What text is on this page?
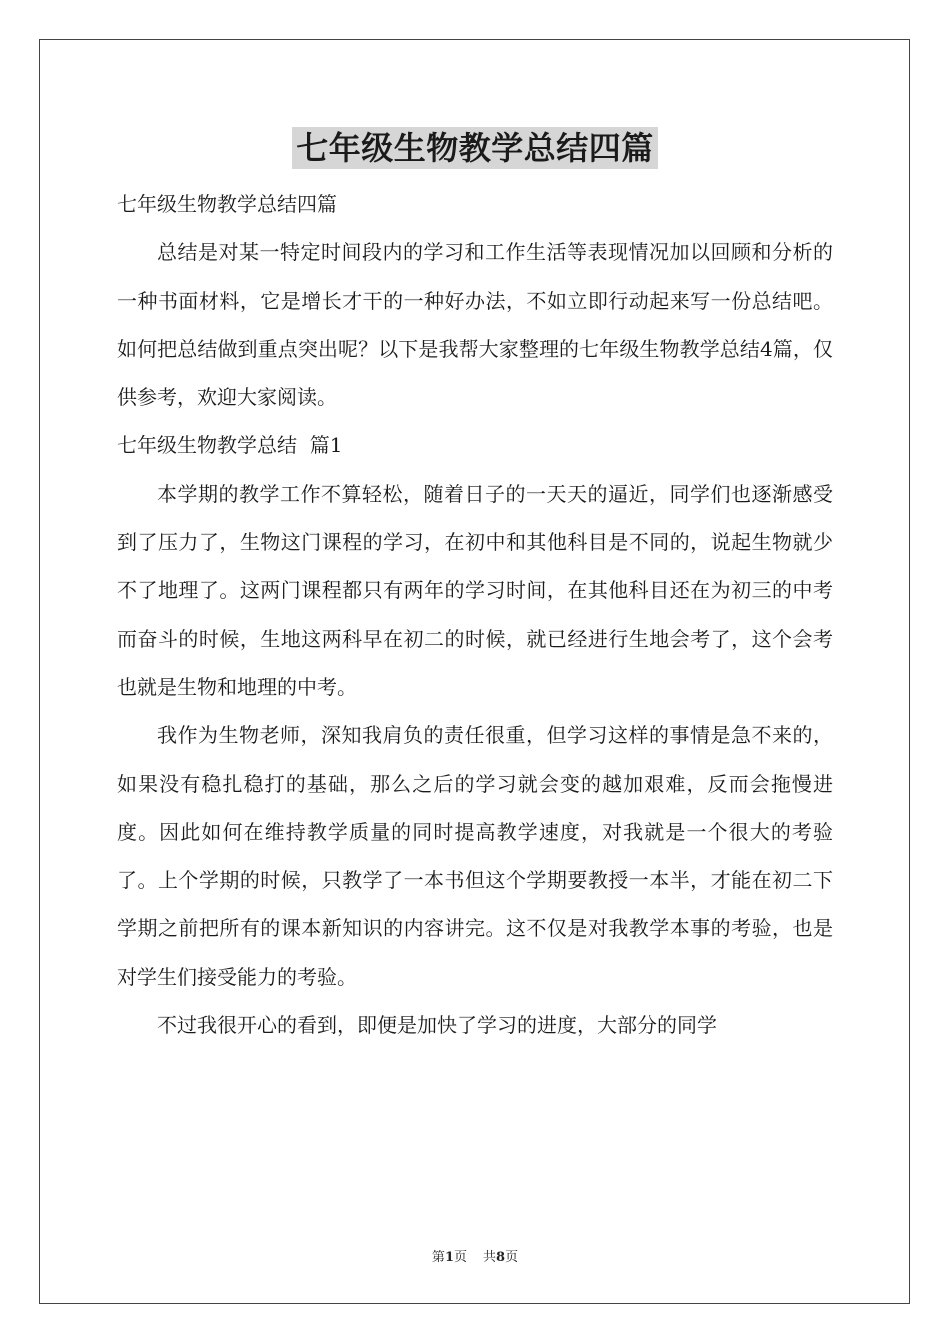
七年级生物教学总结四篇

七年级生物教学总结四篇

总结是对某一特定时间段内的学习和工作生活等表现情况加以回顾和分析的一种书面材料，它是增长才干的一种好办法，不如立即行动起来写一份总结吧。如何把总结做到重点突出呢？以下是我帮大家整理的七年级生物教学总结4篇，仅供参考，欢迎大家阅读。

七年级生物教学总结  篇1

本学期的教学工作不算轻松，随着日子的一天天的逼近，同学们也逐渐感受到了压力了，生物这门课程的学习，在初中和其他科目是不同的，说起生物就少不了地理了。这两门课程都只有两年的学习时间，在其他科目还在为初三的中考而奋斗的时候，生地这两科早在初二的时候，就已经进行生地会考了，这个会考也就是生物和地理的中考。

我作为生物老师，深知我肩负的责任很重，但学习这样的事情是急不来的，如果没有稳扎稳打的基础，那么之后的学习就会变的越加艰难，反而会拖慢进度。因此如何在维持教学质量的同时提高教学速度，对我就是一个很大的考验了。上个学期的时候，只教学了一本书但这个学期要教授一本半，才能在初二下学期之前把所有的课本新知识的内容讲完。这不仅是对我教学本事的考验，也是对学生们接受能力的考验。

不过我很开心的看到，即便是加快了学习的进度，大部分的同学

第1页 共8页
